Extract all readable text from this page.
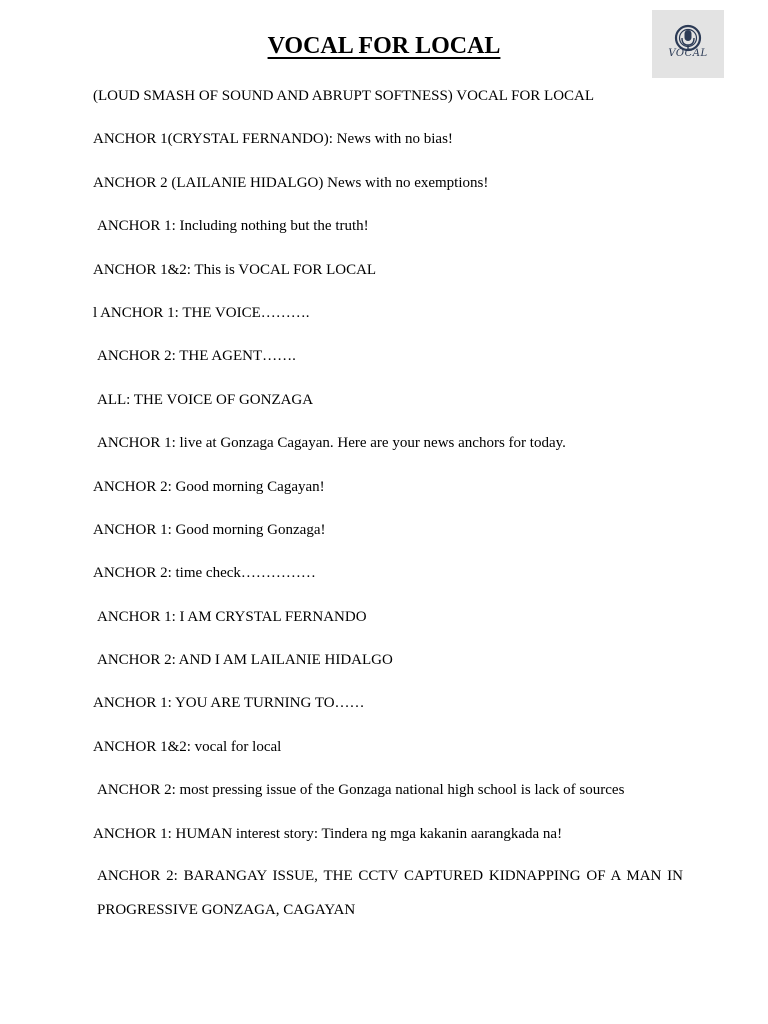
VOCAL FOR LOCAL	VOCAL
(LOUD SMASH OF SOUND AND ABRUPT SOFTNESS) VOCAL FOR LOCAL
ANCHOR 1(CRYSTAL FERNANDO): News with no bias!
ANCHOR 2 (LAILANIE HIDALGO) News with no exemptions!
ANCHOR 1: Including nothing but the truth!
ANCHOR 1&2: This is VOCAL FOR LOCAL
l ANCHOR 1: THE VOICE……….
ANCHOR 2: THE AGENT…….
ALL: THE VOICE OF GONZAGA
ANCHOR 1: live at Gonzaga Cagayan. Here are your news anchors for today.
ANCHOR 2: Good morning Cagayan!
ANCHOR 1: Good morning Gonzaga!
ANCHOR 2: time check……………
ANCHOR 1: I AM CRYSTAL FERNANDO
ANCHOR 2: AND I AM LAILANIE HIDALGO
ANCHOR 1: YOU ARE TURNING TO……
ANCHOR 1&2: vocal for local
ANCHOR 2: most pressing issue of the Gonzaga national high school is lack of sources
ANCHOR 1: HUMAN interest story: Tindera ng mga kakanin aarangkada na!
ANCHOR 2: BARANGAY ISSUE, THE CCTV CAPTURED KIDNAPPING OF A MAN IN PROGRESSIVE GONZAGA, CAGAYAN
